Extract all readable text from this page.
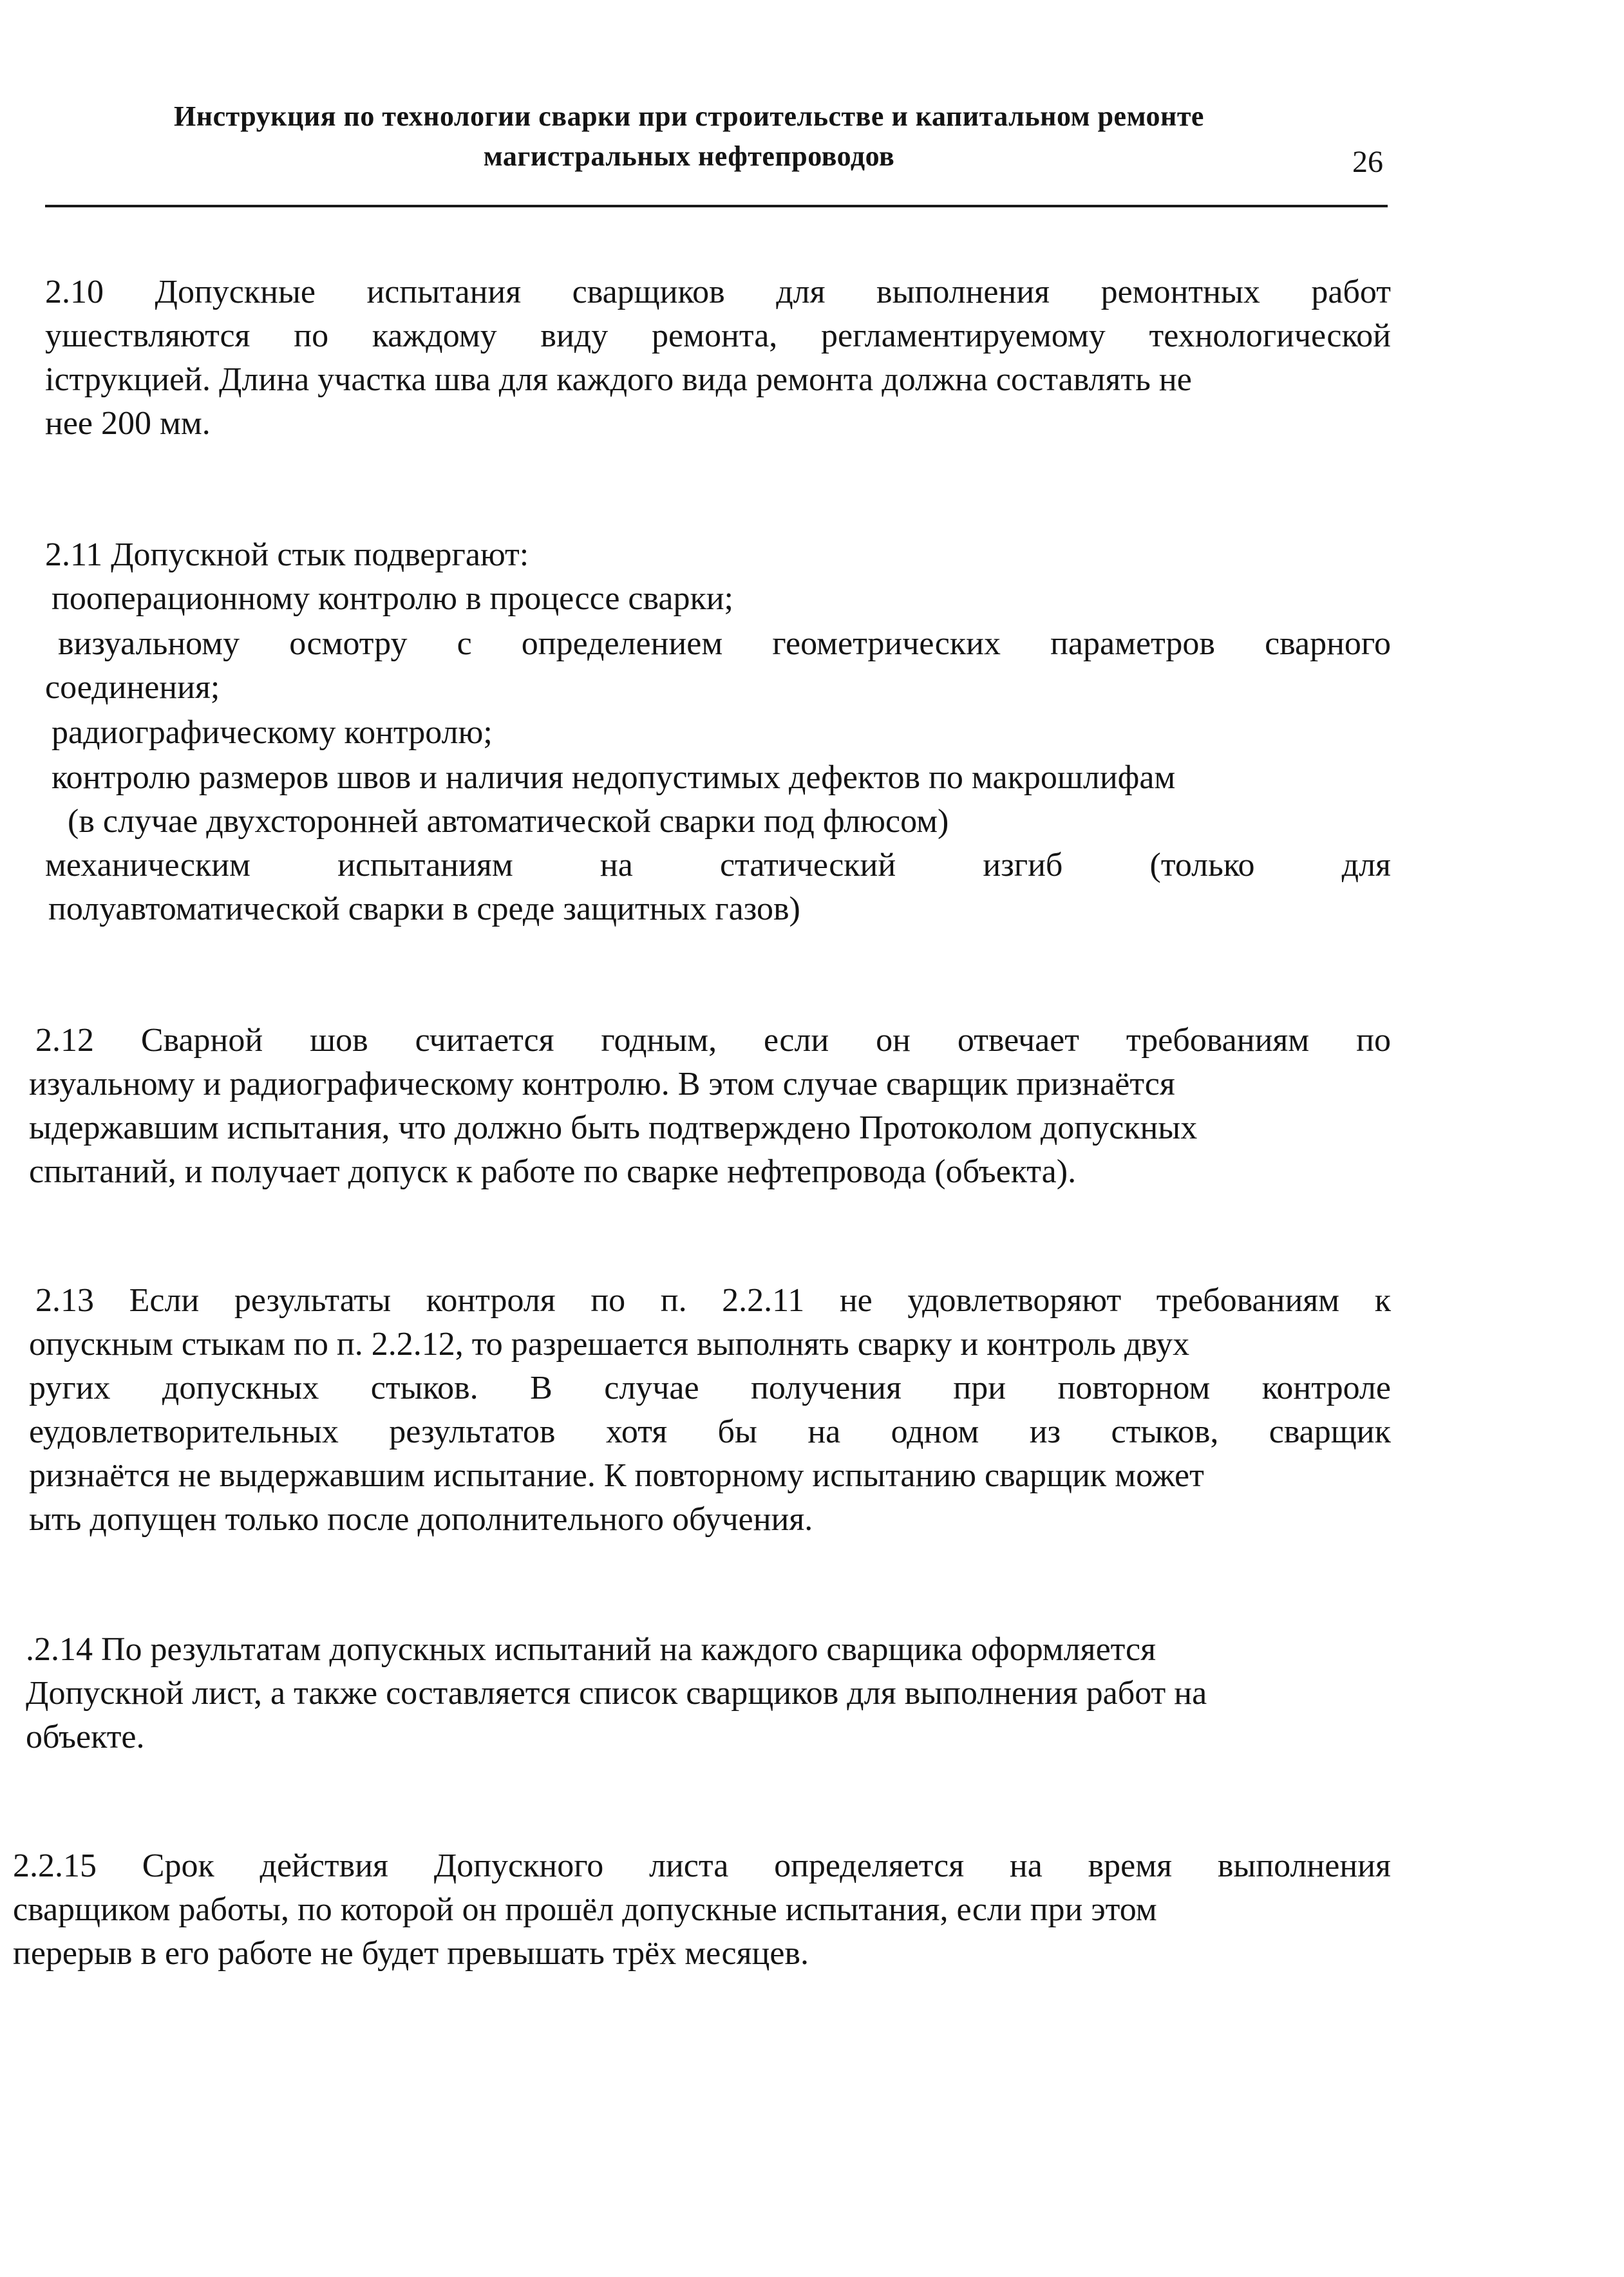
Инструкция по технологии сварки при строительстве и капитальном ремонте
магистральных нефтепроводов	26
2.10 Допускные испытания сварщиков для выполнения ремонтных работ
ушествляются по каждому виду ремонта, регламентируемому технологической
іструкцией. Длина участка шва для каждого вида ремонта должна составлять не
нее 200 мм.
2.11 Допускной стык подвергают:
пооперационному контролю в процессе сварки;
визуальному осмотру с определением геометрических параметров сварного
соединения;
радиографическому контролю;
контролю размеров швов и наличия недопустимых дефектов по макрошлифам
(в случае двухсторонней автоматической сварки под флюсом)
механическим	испытаниям	на	статический	изгиб	(только	для
полуавтоматической сварки в среде защитных газов)
2.12 Сварной шов считается годным, если он отвечает требованиям по
изуальному и радиографическому контролю. В этом случае сварщик признаётся
ыдержавшим испытания, что должно быть подтверждено Протоколом допускных
спытаний, и получает допуск к работе по сварке нефтепровода (объекта).
2.13 Если результаты контроля по п. 2.2.11 не удовлетворяют требованиям к
опускным стыкам по п. 2.2.12, то разрешается выполнять сварку и контроль двух
ругих допускных стыков. В случае получения при повторном контроле
еудовлетворительных результатов хотя бы на одном из стыков, сварщик
ризнаётся не выдержавшим испытание. К повторному испытанию сварщик может
ыть допущен только после дополнительного обучения.
.2.14 По результатам допускных испытаний на каждого сварщика оформляется
Допускной лист, а также составляется список сварщиков для выполнения работ на
объекте.
2.2.15 Срок действия Допускного листа определяется на время выполнения
сварщиком работы, по которой он прошёл допускные испытания, если при этом
перерыв в его работе не будет превышать трёх месяцев.
